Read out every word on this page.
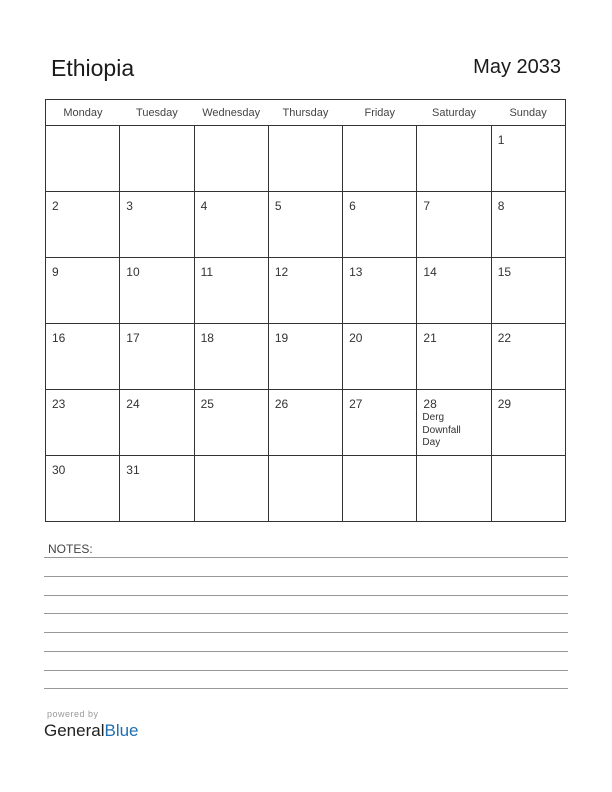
Ethiopia	May 2033
Monday	Tuesday	Wednesday	Thursday	Friday	Saturday	Sunday

						1

2	3	4	5	6	7	8

9	10	11	12	13	14	15

16	17	18	19	20	21	22

23	24	25	26	27	28
Derg
Downfall
Day	29

30	31					

NOTES:
powered by
GeneralBlue
